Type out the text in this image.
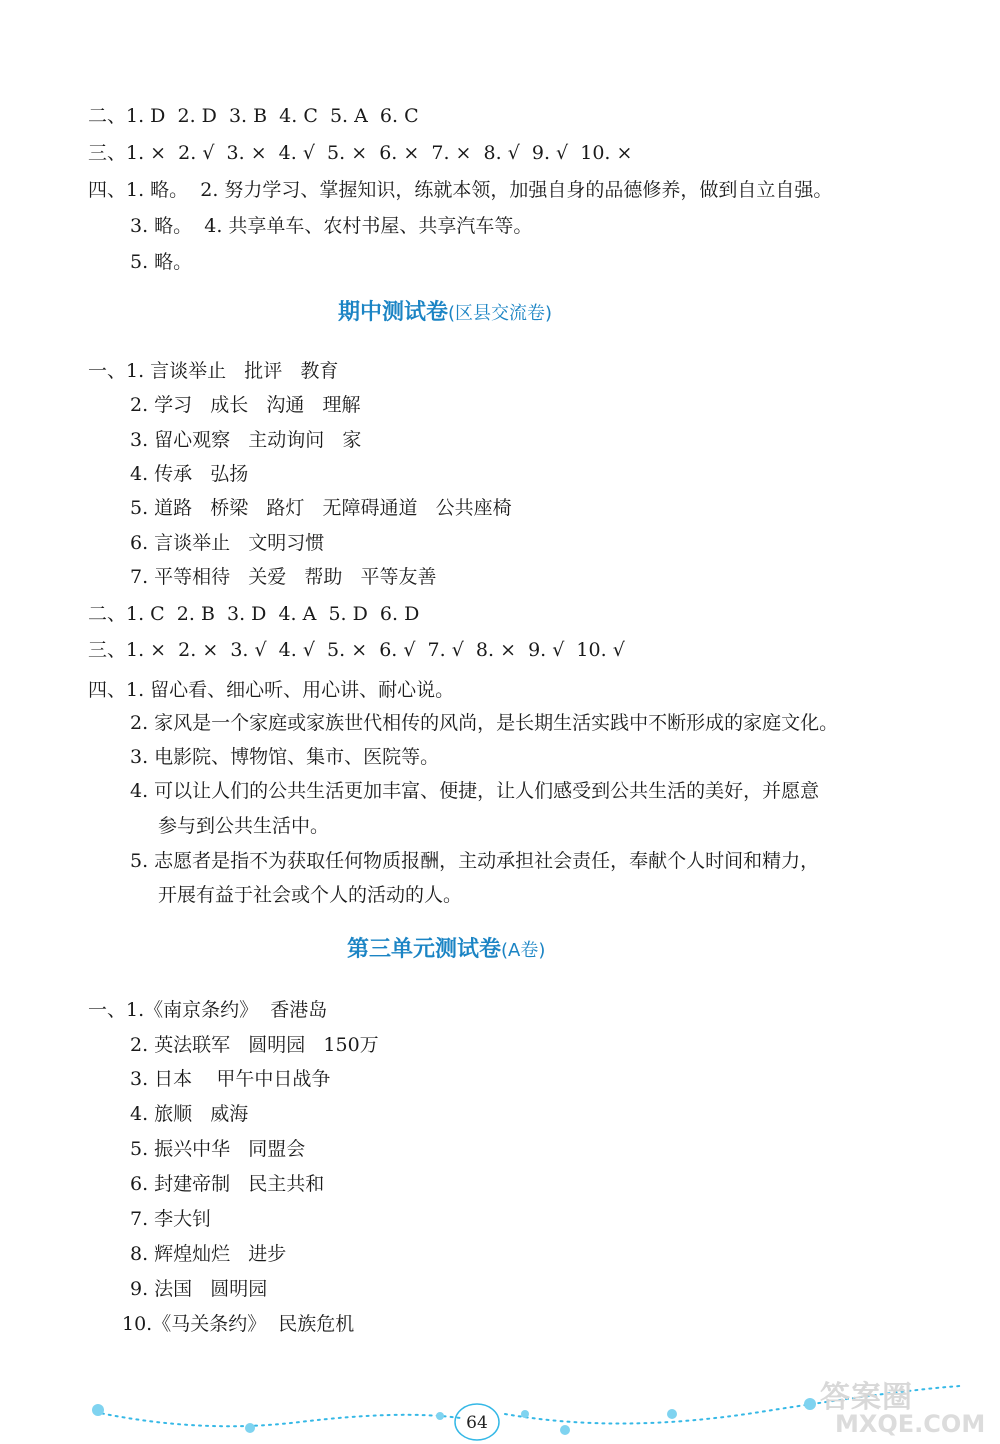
二、1. D  2. D  3. B  4. C  5. A  6. C
三、1. ×  2. √  3. ×  4. √  5. ×  6. ×  7. ×  8. √  9. √  10. ×
四、1. 略。  2. 努力学习、掌握知识，练就本领，加强自身的品德修养，做到自立自强。
3. 略。  4. 共享单车、农村书屋、共享汽车等。
5. 略。
期中测试卷(区县交流卷)
一、1. 言谈举止   批评   教育
2. 学习   成长   沟通   理解
3. 留心观察   主动询问   家
4. 传承   弘扬
5. 道路   桥梁   路灯   无障碍通道   公共座椅
6. 言谈举止   文明习惯
7. 平等相待   关爱   帮助   平等友善
二、1. C  2. B  3. D  4. A  5. D  6. D
三、1. ×  2. ×  3. √  4. √  5. ×  6. √  7. √  8. ×  9. √  10. √
四、1. 留心看、细心听、用心讲、耐心说。
2. 家风是一个家庭或家族世代相传的风尚，是长期生活实践中不断形成的家庭文化。
3. 电影院、博物馆、集市、医院等。
4. 可以让人们的公共生活更加丰富、便捷，让人们感受到公共生活的美好，并愿意
参与到公共生活中。
5. 志愿者是指不为获取任何物质报酬，主动承担社会责任，奉献个人时间和精力，
开展有益于社会或个人的活动的人。
第三单元测试卷(A卷)
一、1.《南京条约》  香港岛
2. 英法联军   圆明园   150万
3. 日本    甲午中日战争
4. 旅顺   威海
5. 振兴中华   同盟会
6. 封建帝制   民主共和
7. 李大钊
8. 辉煌灿烂   进步
9. 法国   圆明园
10.《马关条约》  民族危机
64
答案圈
MXQE.COM
